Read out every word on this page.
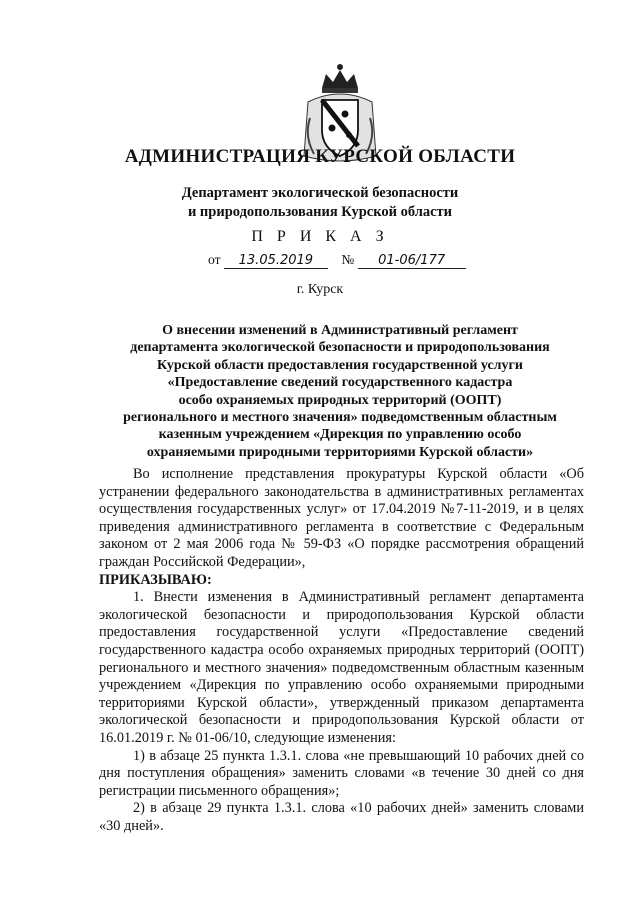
АДМИНИСТРАЦИЯ КУРСКОЙ ОБЛАСТИ
Департамент экологической безопасности
и природопользования Курской области
П Р И К А З
от 13.05.2019 № 01-06/177
г. Курск
О внесении изменений в Административный регламент
департамента экологической безопасности и природопользования
Курской области предоставления государственной услуги
«Предоставление сведений государственного кадастра
особо охраняемых природных территорий (ООПТ)
регионального и местного значения» подведомственным областным
казенным учреждением «Дирекция по управлению особо
охраняемыми природными территориями Курской области»

Во исполнение представления прокуратуры Курской области «Об устранении федерального законодательства в административных регламентах осуществления государственных услуг» от 17.04.2019 №7-11-2019, и в целях приведения административного регламента в соответствие с Федеральным законом от 2 мая 2006 года № 59-ФЗ «О порядке рассмотрения обращений граждан Российской Федерации»,

ПРИКАЗЫВАЮ:

1. Внести изменения в Административный регламент департамента экологической безопасности и природопользования Курской области предоставления государственной услуги «Предоставление сведений государственного кадастра особо охраняемых природных территорий (ООПТ) регионального и местного значения» подведомственным областным казенным учреждением «Дирекция по управлению особо охраняемыми природными территориями Курской области», утвержденный приказом департамента экологической безопасности и природопользования Курской области от 16.01.2019 г. № 01-06/10, следующие изменения:

1) в абзаце 25 пункта 1.3.1. слова «не превышающий 10 рабочих дней со дня поступления обращения» заменить словами «в течение 30 дней со дня регистрации письменного обращения»;

2) в абзаце 29 пункта 1.3.1. слова «10 рабочих дней» заменить словами «30 дней».
